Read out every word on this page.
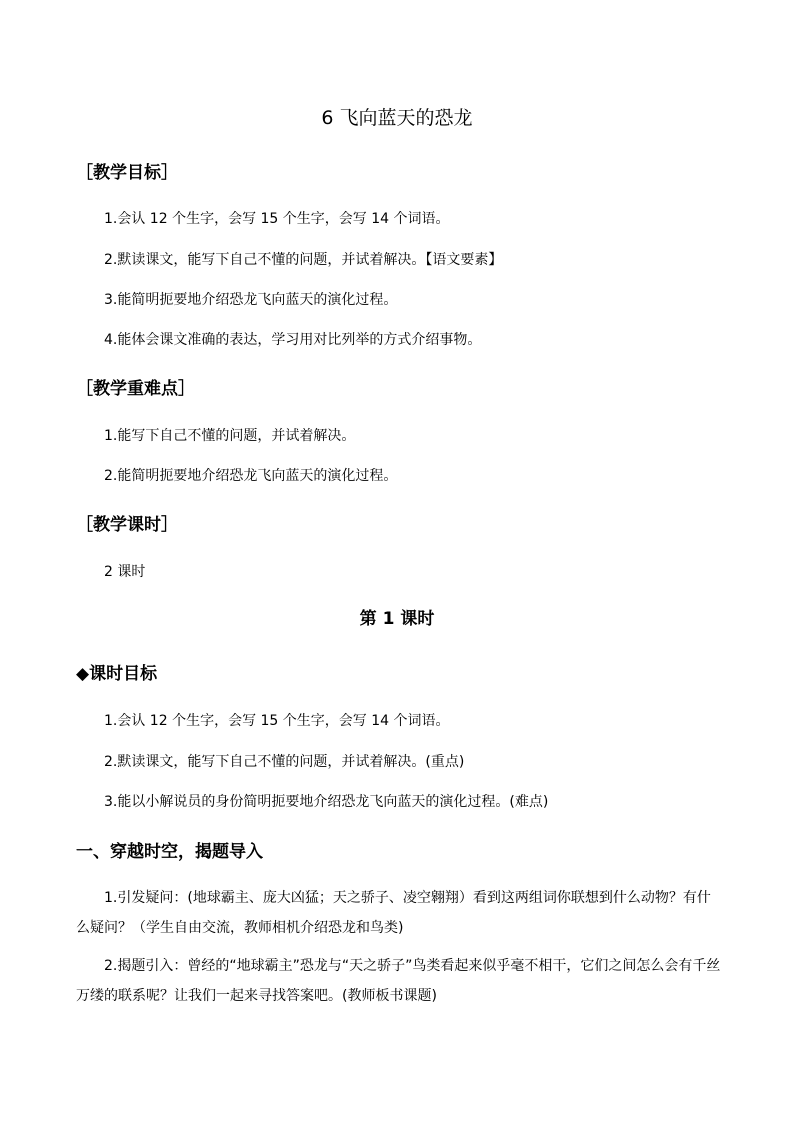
6 飞向蓝天的恐龙
［教学目标］
1.会认 12 个生字，会写 15 个生字，会写 14 个词语。
2.默读课文，能写下自己不懂的问题，并试着解决。【语文要素】
3.能简明扼要地介绍恐龙飞向蓝天的演化过程。
4.能体会课文准确的表达，学习用对比列举的方式介绍事物。
［教学重难点］
1.能写下自己不懂的问题，并试着解决。
2.能简明扼要地介绍恐龙飞向蓝天的演化过程。
［教学课时］
2 课时
第 1 课时
◆课时目标
1.会认 12 个生字，会写 15 个生字，会写 14 个词语。
2.默读课文，能写下自己不懂的问题，并试着解决。(重点)
3.能以小解说员的身份简明扼要地介绍恐龙飞向蓝天的演化过程。(难点)
一、穿越时空，揭题导入
1.引发疑问：(地球霸主、庞大凶猛；天之骄子、凌空翱翔）看到这两组词你联想到什么动物？有什么疑问？（学生自由交流，教师相机介绍恐龙和鸟类)
2.揭题引入：曾经的“地球霸主”恐龙与“天之骄子”鸟类看起来似乎毫不相干，它们之间怎么会有千丝万缕的联系呢？让我们一起来寻找答案吧。(教师板书课题)
